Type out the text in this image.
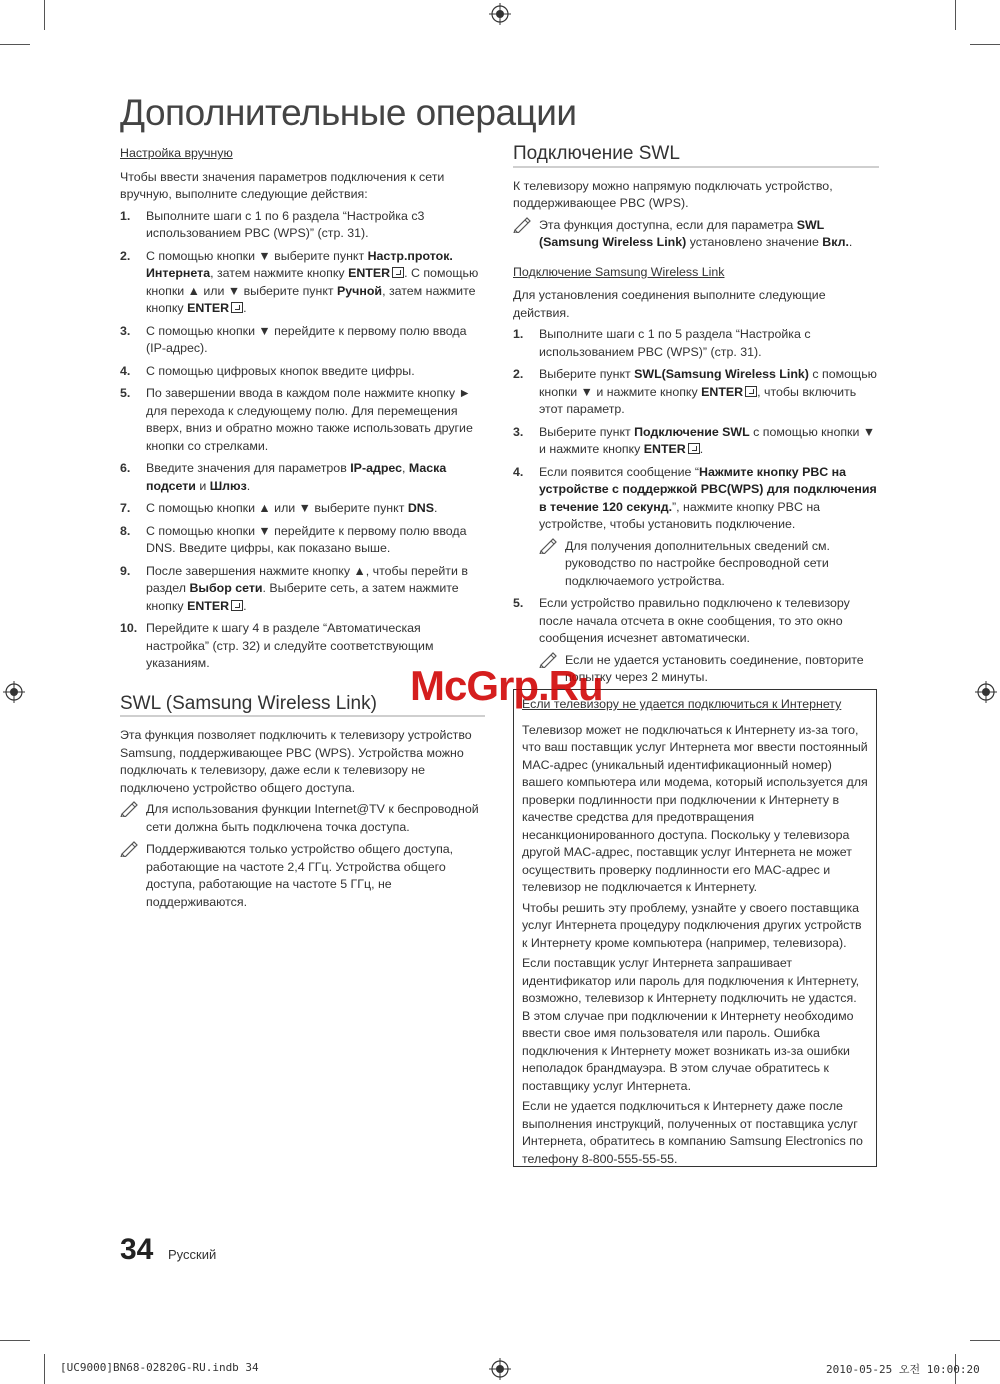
Дополнительные операции
Настройка вручную

Чтобы ввести значения параметров подключения к сети вручную, выполните следующие действия:

1. Выполните шаги с 1 по 6 раздела “Настройка с3 использованием PBC (WPS)” (стр. 31).
2. С помощью кнопки ▼ выберите пункт Настр.проток. Интернета, затем нажмите кнопку ENTER . С помощью кнопки ▲ или ▼ выберите пункт Ручной, затем нажмите кнопку ENTER .
3. С помощью кнопки ▼ перейдите к первому полю ввода (IP-адрес).
4. С помощью цифровых кнопок введите цифры.
5. По завершении ввода в каждом поле нажмите кнопку ► для перехода к следующему полю. Для перемещения вверх, вниз и обратно можно также использовать другие кнопки со стрелками.
6. Введите значения для параметров IP-адрес, Маска подсети и Шлюз.
7. С помощью кнопки ▲ или ▼ выберите пункт DNS.
8. С помощью кнопки ▼ перейдите к первому полю ввода DNS. Введите цифры, как показано выше.
9. После завершения нажмите кнопку ▲, чтобы перейти в раздел Выбор сети. Выберите сеть, а затем нажмите кнопку ENTER .
10. Перейдите к шагу 4 в разделе “Автоматическая настройка” (стр. 32) и следуйте соответствующим указаниям.
SWL (Samsung Wireless Link)

Эта функция позволяет подключить к телевизору устройство Samsung, поддерживающее PBC (WPS). Устройства можно подключать к телевизору, даже если к телевизору не подключено устройство общего доступа.

Для использования функции Internet@TV к беспроводной сети должна быть подключена точка доступа.
Поддерживаются только устройство общего доступа, работающие на частоте 2,4 ГГц. Устройства общего доступа, работающие на частоте 5 ГГц, не поддерживаются.
Подключение SWL

К телевизору можно напрямую подключать устройство, поддерживающее PBC (WPS).

Эта функция доступна, если для параметра SWL (Samsung Wireless Link) установлено значение Вкл..
Подключение Samsung Wireless Link

Для установления соединения выполните следующие действия.

1. Выполните шаги с 1 по 5 раздела “Настройка с использованием PBC (WPS)” (стр. 31).
2. Выберите пункт SWL(Samsung Wireless Link) с помощью кнопки ▼ и нажмите кнопку ENTER , чтобы включить этот параметр.
3. Выберите пункт Подключение SWL с помощью кнопки ▼ и нажмите кнопку ENTER .
4. Если появится сообщение “Нажмите кнопку PBC на устройстве с поддержкой PBC(WPS) для подключения в течение 120 секунд.”, нажмите кнопку PBC на устройстве, чтобы установить подключение.
Для получения дополнительных сведений см. руководство по настройке беспроводной сети подключаемого устройства.
5. Если устройство правильно подключено к телевизору после начала отсчета в окне сообщения, то это окно сообщения исчезнет автоматически.
Если не удается установить соединение, повторите попытку через 2 минуты.
Если телевизору не удается подключиться к Интернету

Телевизор может не подключаться к Интернету из-за того, что ваш поставщик услуг Интернета мог ввести постоянный MAC-адрес (уникальный идентификационный номер) вашего компьютера или модема, который используется для проверки подлинности при подключении к Интернету в качестве средства для предотвращения несанкционированного доступа. Поскольку у телевизора другой MAC-адрес, поставщик услуг Интернета не может осуществить проверку подлинности его MAC-адрес и телевизор не подключается к Интернету.

Чтобы решить эту проблему, узнайте у своего поставщика услуг Интернета процедуру подключения других устройств к Интернету кроме компьютера (например, телевизора).

Если поставщик услуг Интернета запрашивает идентификатор или пароль для подключения к Интернету, возможно, телевизор к Интернету подключить не удастся. В этом случае при подключении к Интернету необходимо ввести свое имя пользователя или пароль. Ошибка подключения к Интернету может возникать из-за ошибки неполадок брандмауэра. В этом случае обратитесь к поставщику услуг Интернета.

Если не удается подключиться к Интернету даже после выполнения инструкций, полученных от поставщика услуг Интернета, обратитесь в компанию Samsung Electronics по телефону 8-800-555-55-55.

McGrp.Ru
34 Русский
[UC9000]BN68-02820G-RU.indb 34	2010-05-25 오전 10:00:20
